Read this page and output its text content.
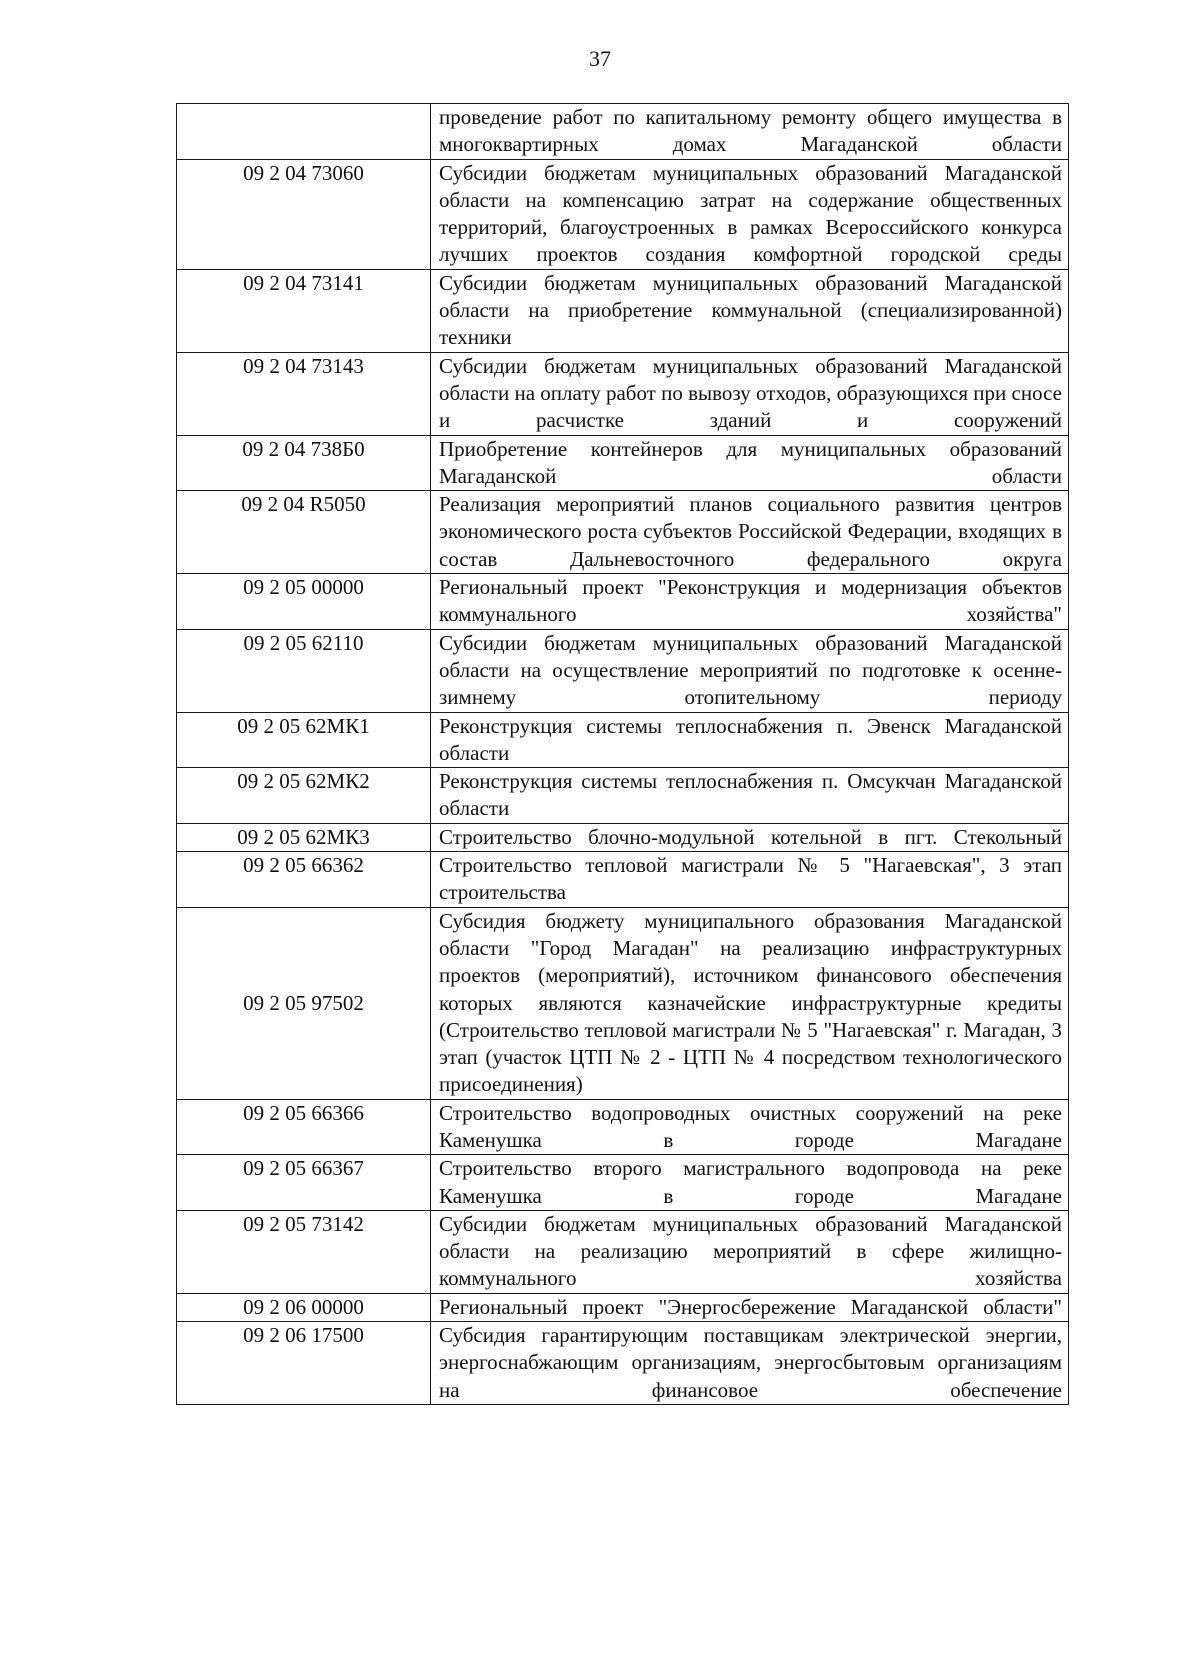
37
	проведение работ по капитальному ремонту общего имущества в многоквартирных домах Магаданской области
09 2 04 73060	Субсидии бюджетам муниципальных образований Магаданской области на компенсацию затрат на содержание общественных территорий, благоустроенных в рамках Всероссийского конкурса лучших проектов создания комфортной городской среды
09 2 04 73141	Субсидии бюджетам муниципальных образований Магаданской области на приобретение коммунальной (специализированной) техники
09 2 04 73143	Субсидии бюджетам муниципальных образований Магаданской области на оплату работ по вывозу отходов, образующихся при сносе и расчистке зданий и сооружений
09 2 04 738Б0	Приобретение контейнеров для муниципальных образований Магаданской области
09 2 04 R5050	Реализация мероприятий планов социального развития центров экономического роста субъектов Российской Федерации, входящих в состав Дальневосточного федерального округа
09 2 05 00000	Региональный проект "Реконструкция и модернизация объектов коммунального хозяйства"
09 2 05 62110	Субсидии бюджетам муниципальных образований Магаданской области на осуществление мероприятий по подготовке к осенне-зимнему отопительному периоду
09 2 05 62МК1	Реконструкция системы теплоснабжения п. Эвенск Магаданской области
09 2 05 62МК2	Реконструкция системы теплоснабжения п. Омсукчан Магаданской области
09 2 05 62МК3	Строительство блочно-модульной котельной в пгт. Стекольный
09 2 05 66362	Строительство тепловой магистрали № 5 "Нагаевская", 3 этап строительства
09 2 05 97502	Субсидия бюджету муниципального образования Магаданской области "Город Магадан" на реализацию инфраструктурных проектов (мероприятий), источником финансового обеспечения которых являются казначейские инфраструктурные кредиты (Строительство тепловой магистрали № 5 "Нагаевская" г. Магадан, 3 этап (участок ЦТП № 2 - ЦТП № 4 посредством технологического присоединения)
09 2 05 66366	Строительство водопроводных очистных сооружений на реке Каменушка в городе Магадане
09 2 05 66367	Строительство второго магистрального водопровода на реке Каменушка в городе Магадане
09 2 05 73142	Субсидии бюджетам муниципальных образований Магаданской области на реализацию мероприятий в сфере жилищно-коммунального хозяйства
09 2 06 00000	Региональный проект "Энергосбережение Магаданской области"
09 2 06 17500	Субсидия гарантирующим поставщикам электрической энергии, энергоснабжающим организациям, энергосбытовым организациям на финансовое обеспечение
